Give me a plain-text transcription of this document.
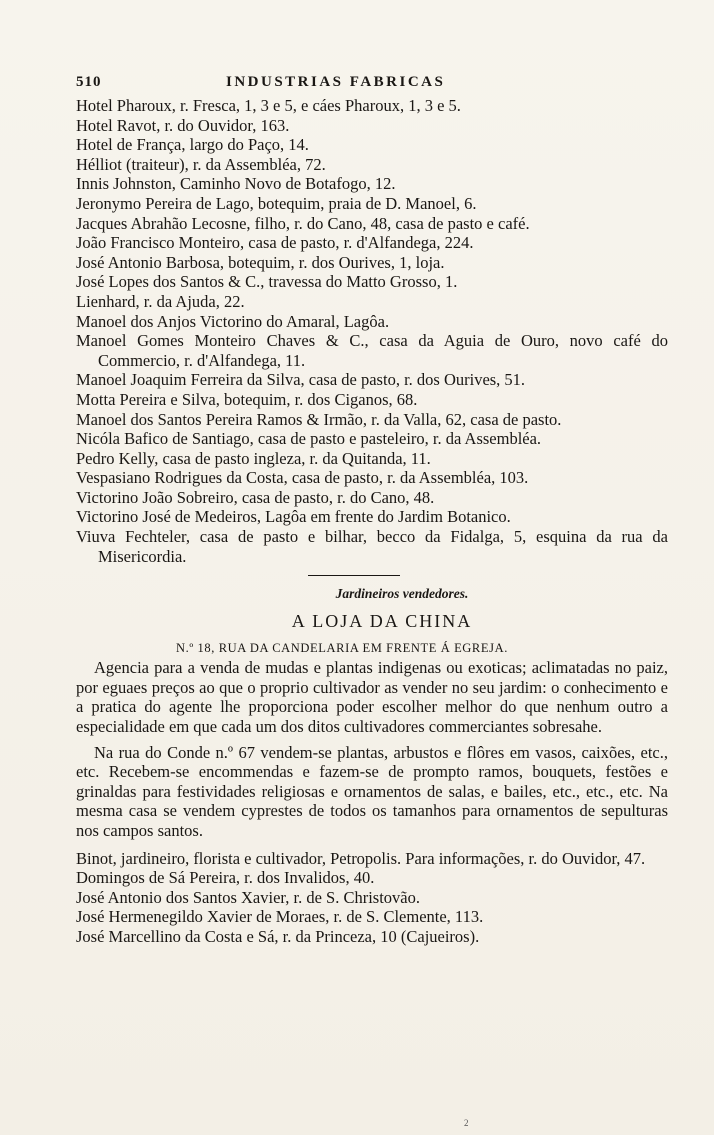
510	INDUSTRIAS FABRICAS

Hotel Pharoux, r. Fresca, 1, 3 e 5, e cáes Pharoux, 1, 3 e 5.

Hotel Ravot, r. do Ouvidor, 163.

Hotel de França, largo do Paço, 14.

Hélliot (traiteur), r. da Assembléa, 72.

Innis Johnston, Caminho Novo de Botafogo, 12.

Jeronymo Pereira de Lago, botequim, praia de D. Manoel, 6.

Jacques Abrahão Lecosne, filho, r. do Cano, 48, casa de pasto e café.

João Francisco Monteiro, casa de pasto, r. d'Alfandega, 224.

José Antonio Barbosa, botequim, r. dos Ourives, 1, loja.

José Lopes dos Santos & C., travessa do Matto Grosso, 1.

Lienhard, r. da Ajuda, 22.

Manoel dos Anjos Victorino do Amaral, Lagôa.

Manoel Gomes Monteiro Chaves & C., casa da Aguia de Ouro, novo café do Commercio, r. d'Alfandega, 11.

Manoel Joaquim Ferreira da Silva, casa de pasto, r. dos Ourives, 51.

Motta Pereira e Silva, botequim, r. dos Ciganos, 68.

Manoel dos Santos Pereira Ramos & Irmão, r. da Valla, 62, casa de pasto.

Nicóla Bafico de Santiago, casa de pasto e pasteleiro, r. da Assembléa.

Pedro Kelly, casa de pasto ingleza, r. da Quitanda, 11.

Vespasiano Rodrigues da Costa, casa de pasto, r. da Assembléa, 103.

Victorino João Sobreiro, casa de pasto, r. do Cano, 48.

Victorino José de Medeiros, Lagôa em frente do Jardim Botanico.

Viuva Fechteler, casa de pasto e bilhar, becco da Fidalga, 5, esquina da rua da Misericordia.

Jardineiros vendedores.
A LOJA DA CHINA
N.º 18, RUA DA CANDELARIA EM FRENTE Á EGREJA.

Agencia para a venda de mudas e plantas indigenas ou exoticas; aclimatadas no paiz, por eguaes preços ao que o proprio cultivador as vender no seu jardim: o conhecimento e a pratica do agente lhe proporciona poder escolher melhor do que nenhum outro a especialidade em que cada um dos ditos cultivadores commerciantes sobresahe.

Na rua do Conde n.º 67 vendem-se plantas, arbustos e flôres em vasos, caixões, etc., etc. Recebem-se encommendas e fazem-se de prompto ramos, bouquets, festões e grinaldas para festividades religiosas e ornamentos de salas, e bailes, etc., etc., etc. Na mesma casa se vendem cyprestes de todos os tamanhos para ornamentos de sepulturas nos campos santos.

Binot, jardineiro, florista e cultivador, Petropolis. Para informações, r. do Ouvidor, 47.

Domingos de Sá Pereira, r. dos Invalidos, 40.

José Antonio dos Santos Xavier, r. de S. Christovão.

José Hermenegildo Xavier de Moraes, r. de S. Clemente, 113.

José Marcellino da Costa e Sá, r. da Princeza, 10 (Cajueiros).

2
